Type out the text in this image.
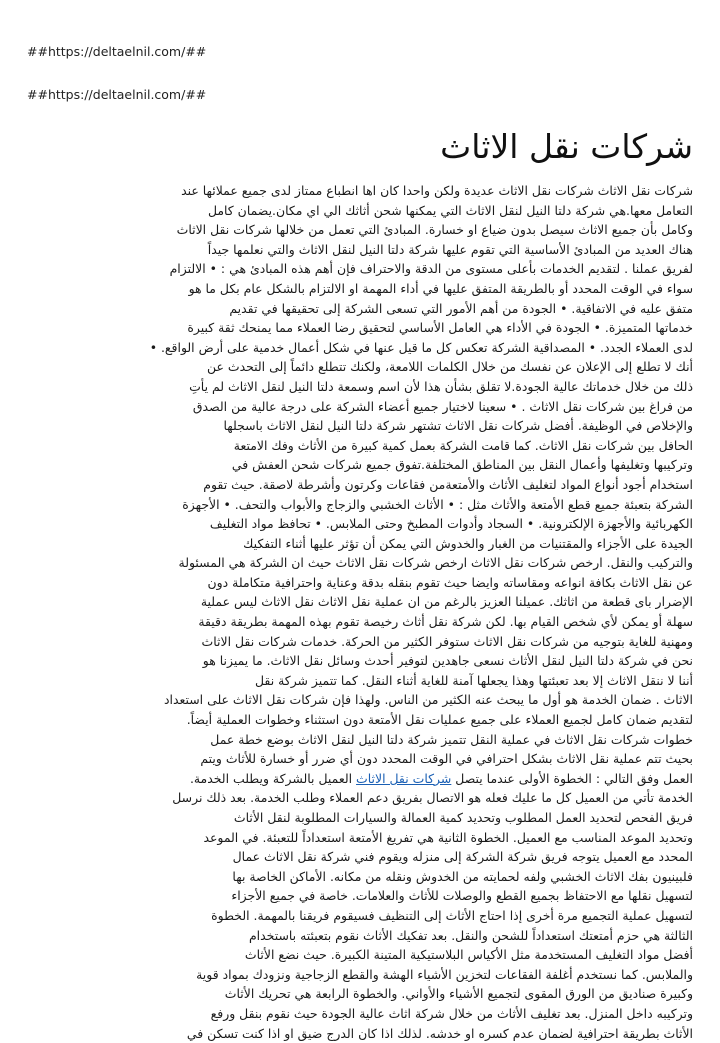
##https://deltaelnil.com/##
##https://deltaelnil.com/##
شركات نقل الاثاث
شركات نقل الاثاث شركات نقل الاثاث عديدة ولكن واحدا كان اها انطباع ممتاز لدى جميع عملائها عند
التعامل معها.هي شركة دلتا النيل لنقل الاثاث التي يمكنها شحن أثاثك الي اي مكان.يضمان كامل
وكامل بأن جميع الاثاث سيصل بدون ضياع او خسارة. المبادئ التي تعمل من خلالها شركات نقل الاثاث
هناك العديد من المبادئ الأساسية التي تقوم عليها شركة دلتا النيل لنقل الاثاث والتي نعلمها جيداً
لفريق عملنا . لتقديم الخدمات بأعلى مستوى من الدقة والاحتراف فإن أهم هذه المبادئ هي : • الالتزام
سواء في الوقت المحدد أو بالطريقة المتفق عليها في أداء المهمة او الالتزام بالشكل عام بكل ما هو
متفق عليه في الاتفاقية. • الجودة من أهم الأمور التي تسعى الشركة إلى تحقيقها في تقديم
خدماتها المتميزة. • الجودة في الأداء هي العامل الأساسي لتحقيق رضا العملاء مما يمنحك ثقة كبيرة
لدى العملاء الجدد. • المصداقية الشركة تعكس كل ما قيل عنها في شكل أعمال خدمية على أرض الواقع. •
أنك لا تطلع إلى الإعلان عن نفسك من خلال الكلمات اللامعة، ولكنك تتطلع دائماً إلى التحدث عن
ذلك من خلال خدماتك عالية الجودة.لا تقلق بشأن هذا لأن اسم وسمعة دلتا النيل لنقل الاثاث لم يأتِ
من فراغ بين شركات نقل الاثاث . • سعينا لاختيار جميع أعضاء الشركة على درجة عالية من الصدق
والإخلاص في الوظيفة. أفضل شركات نقل الاثاث تشتهر شركة دلتا النيل لنقل الاثاث باسجلها
الحافل بين شركات نقل الاثاث. كما قامت الشركة بعمل كمية كبيرة من الأثاث وفك الامتعة
وتركيبها وتغليفها وأعمال النقل بين المناطق المختلفة.تفوق جميع شركات شحن العفش في
استخدام أجود أنواع المواد لتغليف الأثاث والأمتعةمن فقاعات وكرتون وأشرطة لاصقة. حيث تقوم
الشركة بتعبئة جميع قطع الأمتعة والأثاث مثل : • الأثاث الخشبي والزجاج والأبواب والتحف. • الأجهزة
الكهربائية والأجهزة الإلكترونية. • السجاد وأدوات المطبخ وحتى الملابس. • تحافظ مواد التغليف
الجيدة على الأجزاء والمقتنيات من الغبار والخدوش التي يمكن أن تؤثر عليها أثناء التفكيك
والتركيب والنقل. ارخص شركات نقل الاثاث ارخص شركات نقل الاثاث حيث ان الشركة هي المسئولة
عن نقل الاثاث بكافة انواعه ومقاساته وايضا حيث تقوم بنقله بدقة وعناية واحترافية متكاملة دون
الإضرار باى قطعة من اثاثك. عميلنا العزيز بالرغم من ان عملية نقل الاثاث نقل الاثاث ليس عملية
سهلة أو يمكن لأي شخص القيام بها. لكن شركة نقل أثاث رخيصة تقوم بهذه المهمة بطريقة دقيقة
ومهنية للغاية بتوجيه من شركات نقل الاثاث ستوفر الكثير من الحركة. خدمات شركات نقل الاثاث
نحن في شركة دلتا النيل لنقل الأثاث نسعى جاهدين لتوفير أحدث وسائل نقل الاثاث. ما يميزنا هو
أننا لا ننقل الاثاث إلا بعد تعبئتها وهذا يجعلها آمنة للغاية أثناء النقل. كما تتميز شركة نقل
الاثاث . ضمان الخدمة هو أول ما يبحث عنه الكثير من الناس. ولهذا فإن شركات نقل الاثاث على استعداد
لتقديم ضمان كامل لجميع العملاء على جميع عمليات نقل الأمتعة دون استثناء وخطوات العملية أيضاً.
خطوات شركات نقل الاثاث في عملية النقل تتميز شركة دلتا النيل لنقل الاثاث بوضع خطة عمل
بحيث تتم عملية نقل الاثاث بشكل احترافي في الوقت المحدد دون أي ضرر أو خسارة للأثاث ويتم
العمل وفق التالي : الخطوة الأولى عندما يتصل شركات نقل الاثاث العميل بالشركة ويطلب الخدمة.
الخدمة تأتي من العميل كل ما عليك فعله هو الاتصال بفريق دعم العملاء وطلب الخدمة. بعد ذلك نرسل
فريق الفحص لتحديد العمل المطلوب وتحديد كمية العمالة والسيارات المطلوبة لنقل الأثاث
وتحديد الموعد المناسب مع العميل. الخطوة الثانية هي تفريغ الأمتعة استعداداً للتعبئة. في الموعد
المحدد مع العميل يتوجه فريق شركة الشركة إلى منزله ويقوم فني شركة نقل الاثاث عمال
فلبينيون بفك الاثاث الخشبي ولفه لحمايته من الخدوش ونقله من مكانه. الأماكن الخاصة بها
لتسهيل نقلها مع الاحتفاظ بجميع القطع والوصلات للأثاث والعلامات. خاصة في جميع الأجزاء
لتسهيل عملية التجميع مرة أخرى إذا احتاج الأثاث إلى التنظيف فسيقوم فريقنا بالمهمة. الخطوة
الثالثة هي حزم أمتعتك استعداداً للشحن والنقل. بعد تفكيك الأثاث نقوم بتعبئته باستخدام
أفضل مواد التغليف المستخدمة مثل الأكياس البلاستيكية المتينة الكبيرة. حيث نضع الأثاث
والملابس. كما نستخدم أغلفة الفقاعات لتخزين الأشياء الهشة والقطع الزجاجية ونزودك بمواد قوية
وكبيرة صناديق من الورق المقوى لتجميع الأشياء والأواني. والخطوة الرابعة هي تحريك الأثاث
وتركيبه داخل المنزل. بعد تغليف الأثاث من خلال شركة اثاث عالية الجودة حيث نقوم بنقل ورفع
الأثاث بطريقة احترافية لضمان عدم كسره او خدشه. لذلك اذا كان الدرج ضيق او اذا كنت تسكن في
